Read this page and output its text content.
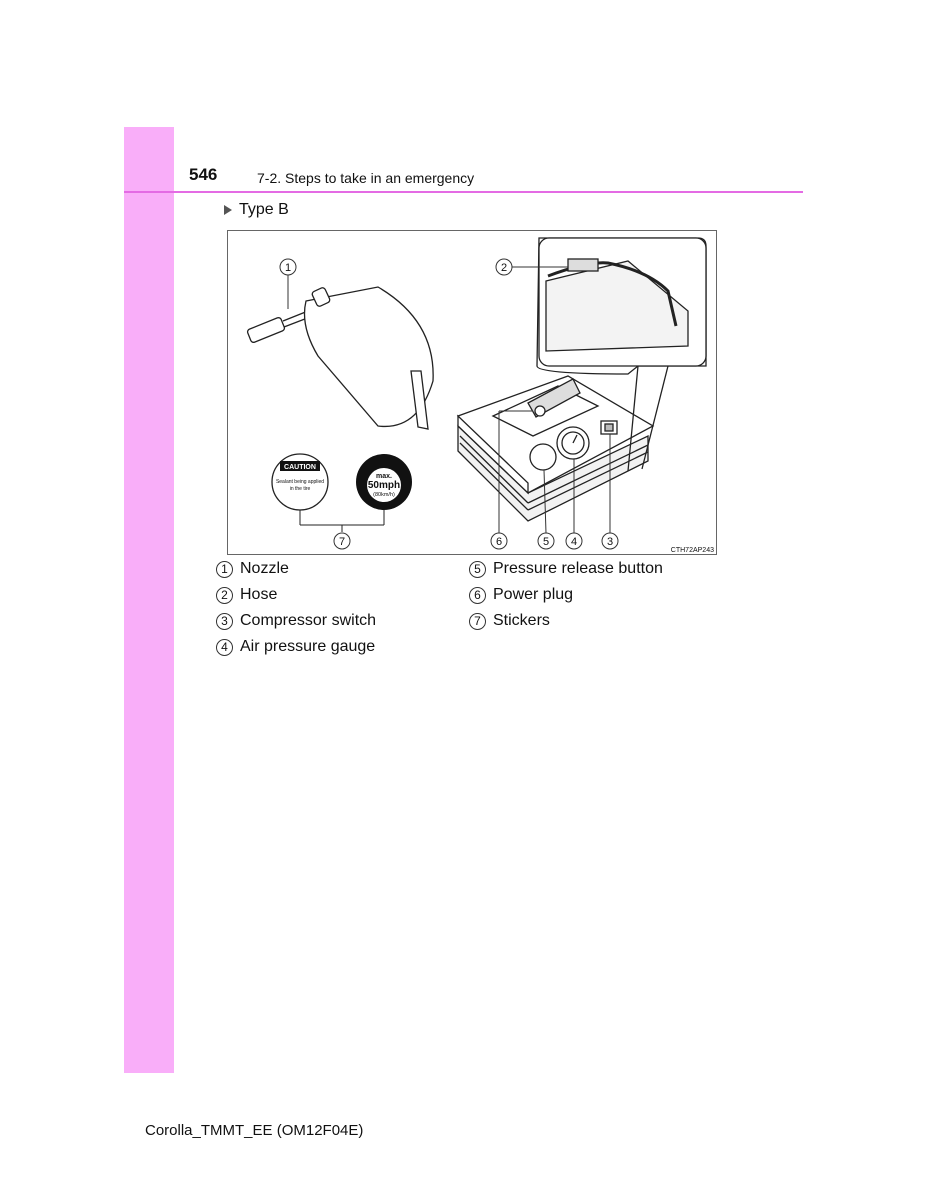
546	7-2. Steps to take in an emergency
Type B
CAUTION
Sealant being applied
in the tire
max.
50mph
(80km/h)
1	2
3
4
5
6
7
CTH72AP243
1 Nozzle
2 Hose
3 Compressor switch
4 Air pressure gauge
5 Pressure release button
6 Power plug
7 Stickers
Corolla_TMMT_EE (OM12F04E)
